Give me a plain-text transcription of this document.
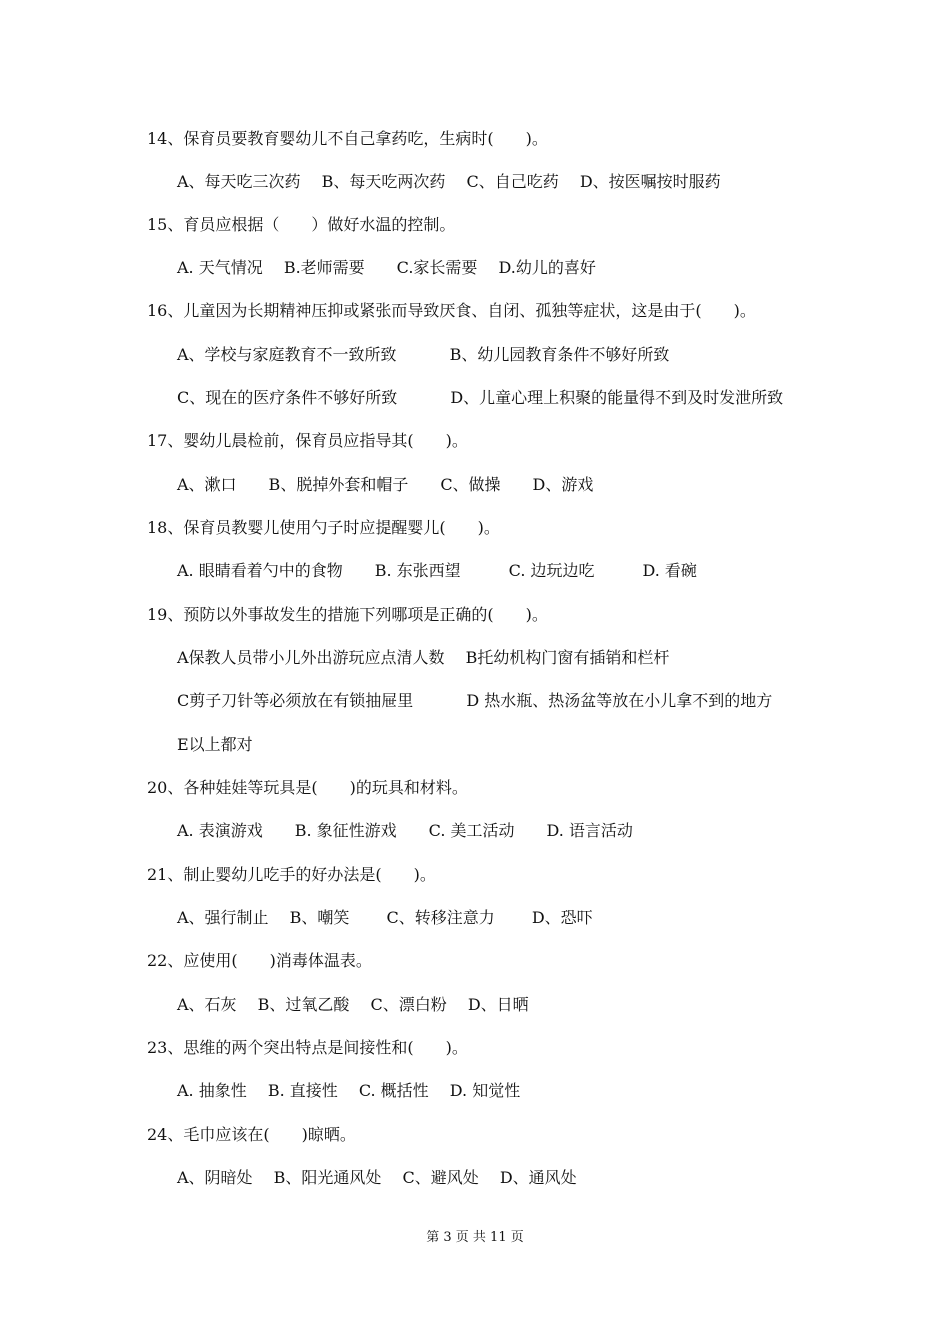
14、保育员要教育婴幼儿不自己拿药吃，生病时(　　)。
A、每天吃三次药　 B、每天吃两次药　 C、自己吃药　 D、按医嘱按时服药
15、育员应根据（　　）做好水温的控制。
A. 天气情况　 B.老师需要　　C.家长需要　 D.幼儿的喜好
16、儿童因为长期精神压抑或紧张而导致厌食、自闭、孤独等症状，这是由于(　　)。
A、学校与家庭教育不一致所致　　　 B、幼儿园教育条件不够好所致
C、现在的医疗条件不够好所致　　　 D、儿童心理上积聚的能量得不到及时发泄所致
17、婴幼儿晨检前，保育员应指导其(　　)。
A、漱口　　B、脱掉外套和帽子　　C、做操　　D、游戏
18、保育员教婴儿使用勺子时应提醒婴儿(　　)。
A. 眼睛看着勺中的食物　　B. 东张西望　　　C. 边玩边吃　　　D. 看碗
19、预防以外事故发生的措施下列哪项是正确的(　　)。
A保教人员带小儿外出游玩应点清人数　 B托幼机构门窗有插销和栏杆
C剪子刀针等必须放在有锁抽屉里　　　 D 热水瓶、热汤盆等放在小儿拿不到的地方
E以上都对
20、各种娃娃等玩具是(　　)的玩具和材料。
A. 表演游戏　　B. 象征性游戏　　C. 美工活动　　D. 语言活动
21、制止婴幼儿吃手的好办法是(　　)。
A、强行制止　 B、嘲笑　　 C、转移注意力　　 D、恐吓
22、应使用(　　)消毒体温表。
A、石灰　 B、过氧乙酸　 C、漂白粉　 D、日晒
23、思维的两个突出特点是间接性和(　　)。
A. 抽象性　 B. 直接性　 C. 概括性　 D. 知觉性
24、毛巾应该在(　　)晾晒。
A、阴暗处　 B、阳光通风处　 C、避风处　 D、通风处
第 3 页 共 11 页
